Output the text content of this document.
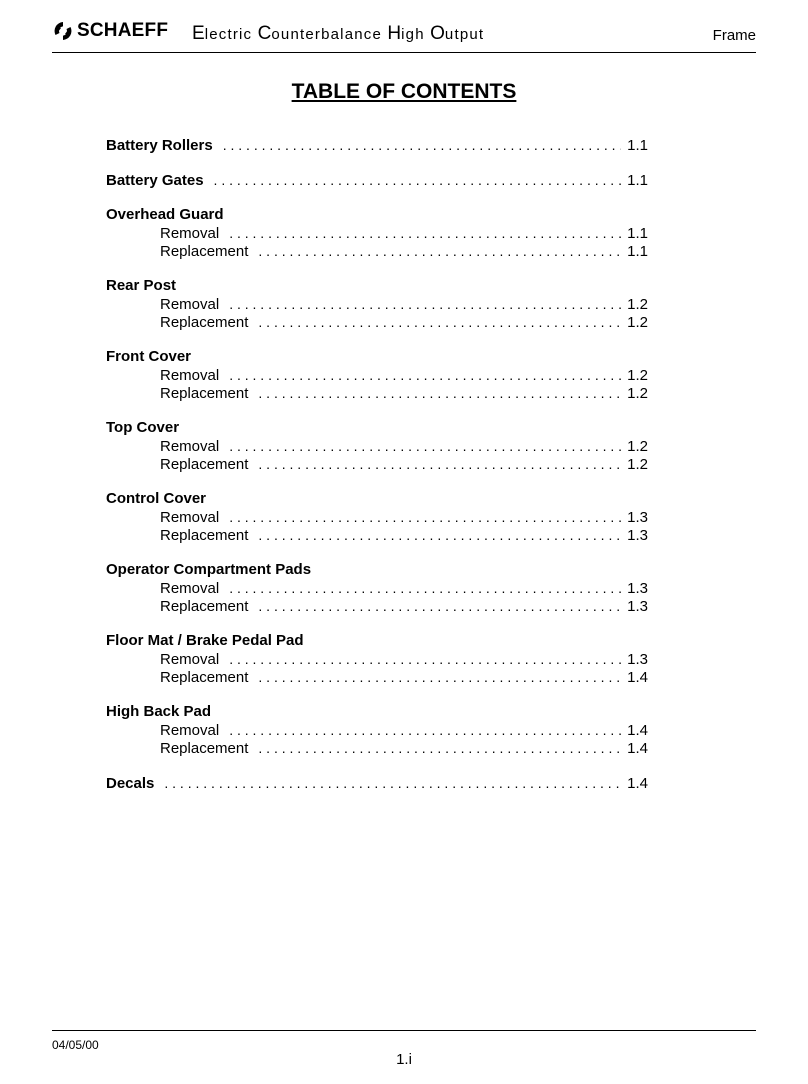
SCHAEFF Electric Counterbalance High Output	Frame
TABLE OF CONTENTS
Battery Rollers . . .	1.1
Battery Gates . . .	1.1
Overhead Guard
Removal . . .	1.1
Replacement . . .	1.1
Rear Post
Removal . . .	1.2
Replacement . . .	1.2
Front Cover
Removal . . .	1.2
Replacement . . .	1.2
Top Cover
Removal . . .	1.2
Replacement . . .	1.2
Control Cover
Removal . . .	1.3
Replacement . . .	1.3
Operator Compartment Pads
Removal . . .	1.3
Replacement . . .	1.3
Floor Mat / Brake Pedal Pad
Removal . . .	1.3
Replacement . . .	1.4
High Back Pad
Removal . . .	1.4
Replacement . . .	1.4
Decals . . .	1.4
04/05/00
1.i
